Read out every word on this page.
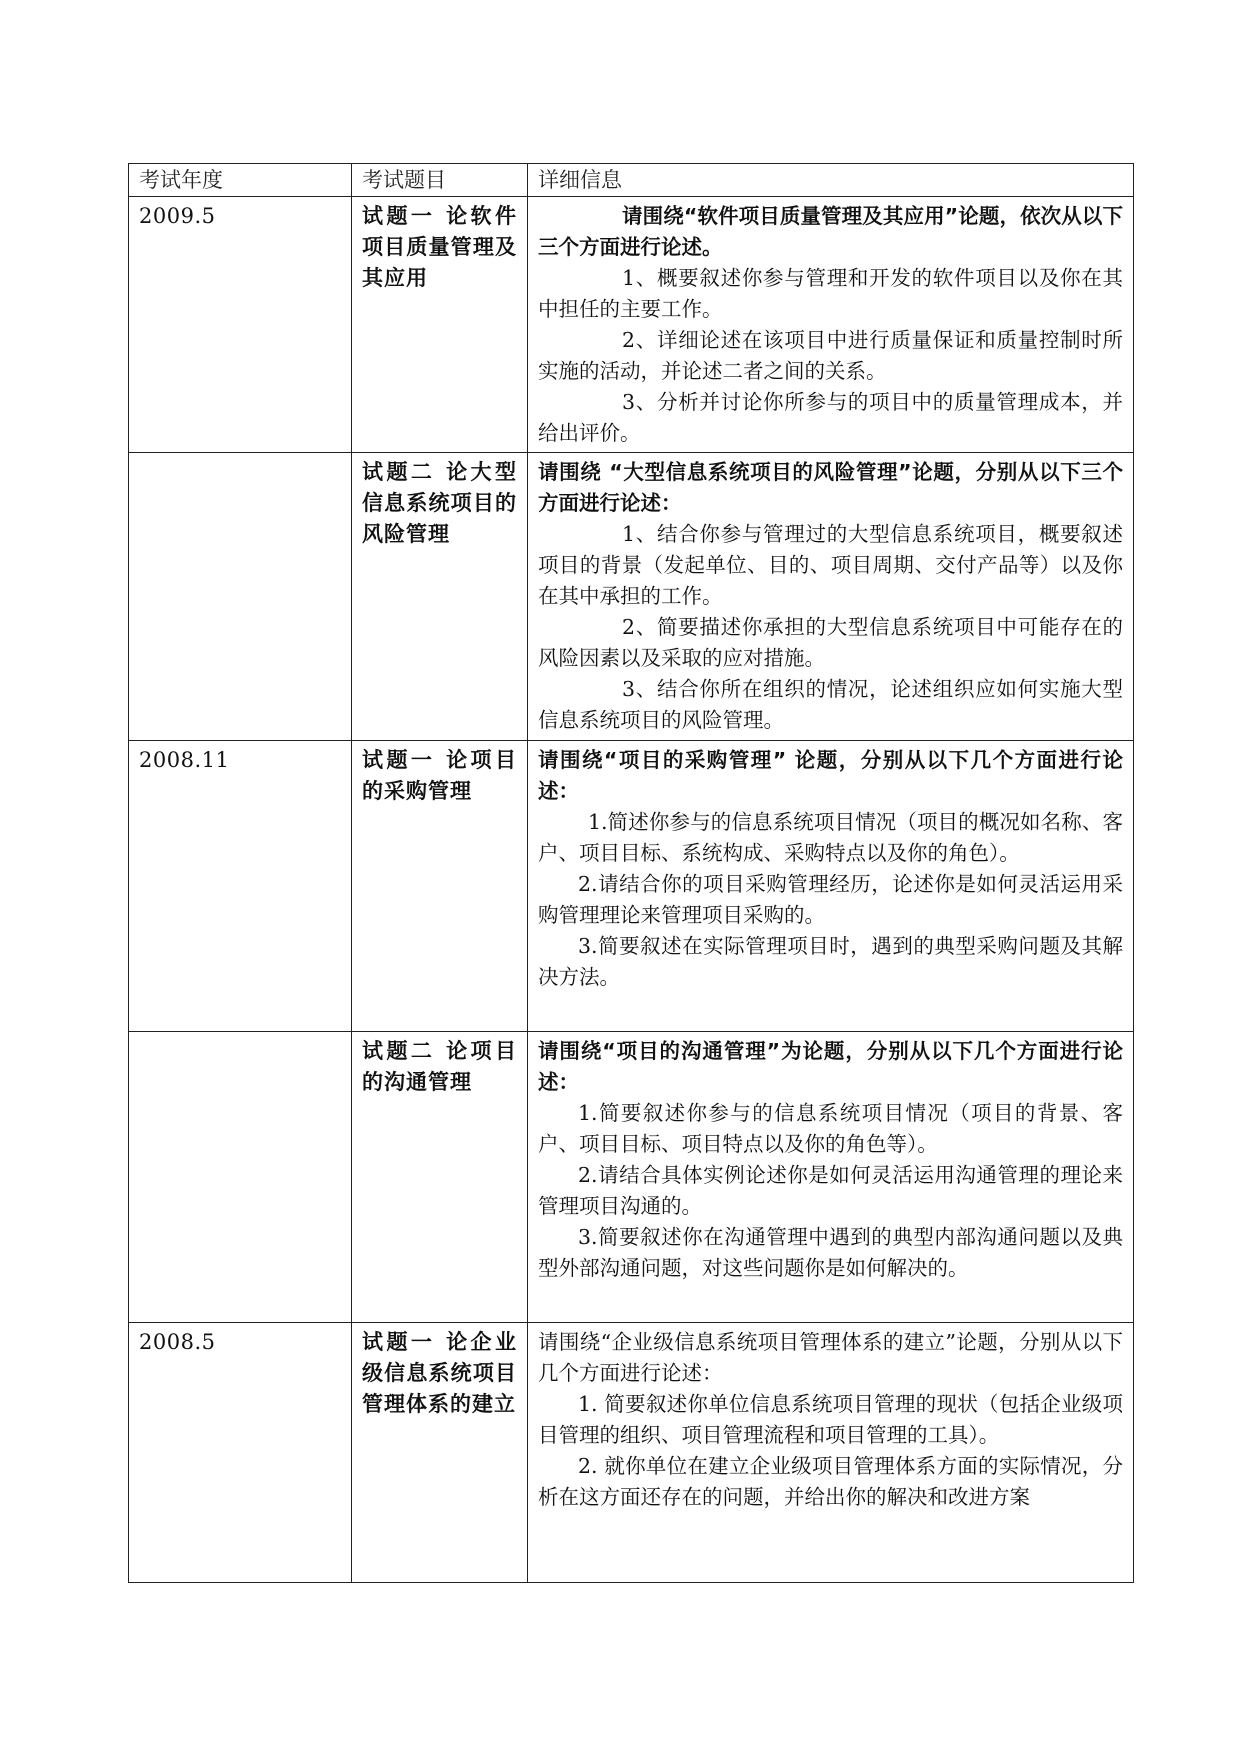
考试年度	考试题目	详细信息
2009.5	试题一 论软件项目质量管理及其应用	请围绕“软件项目质量管理及其应用”论题，依次从以下三个方面进行论述。

1、概要叙述你参与管理和开发的软件项目以及你在其中担任的主要工作。

2、详细论述在该项目中进行质量保证和质量控制时所实施的活动，并论述二者之间的关系。

3、分析并讨论你所参与的项目中的质量管理成本，并给出评价。

	试题二 论大型信息系统项目的风险管理	请围绕 “大型信息系统项目的风险管理”论题，分别从以下三个方面进行论述：

1、结合你参与管理过的大型信息系统项目，概要叙述项目的背景（发起单位、目的、项目周期、交付产品等）以及你在其中承担的工作。

2、简要描述你承担的大型信息系统项目中可能存在的风险因素以及采取的应对措施。

3、结合你所在组织的情况，论述组织应如何实施大型信息系统项目的风险管理。

2008.11	试题一 论项目的采购管理	请围绕“项目的采购管理” 论题，分别从以下几个方面进行论述：

1.简述你参与的信息系统项目情况（项目的概况如名称、客户、项目目标、系统构成、采购特点以及你的角色）。

2.请结合你的项目采购管理经历，论述你是如何灵活运用采购管理理论来管理项目采购的。

3.简要叙述在实际管理项目时，遇到的典型采购问题及其解决方法。

	试题二 论项目的沟通管理	请围绕“项目的沟通管理”为论题，分别从以下几个方面进行论述：

1.简要叙述你参与的信息系统项目情况（项目的背景、客户、项目目标、项目特点以及你的角色等）。

2.请结合具体实例论述你是如何灵活运用沟通管理的理论来管理项目沟通的。

3.简要叙述你在沟通管理中遇到的典型内部沟通问题以及典型外部沟通问题，对这些问题你是如何解决的。

2008.5	试题一 论企业级信息系统项目管理体系的建立	请围绕“企业级信息系统项目管理体系的建立”论题，分别从以下几个方面进行论述：

1. 简要叙述你单位信息系统项目管理的现状（包括企业级项目管理的组织、项目管理流程和项目管理的工具）。

2. 就你单位在建立企业级项目管理体系方面的实际情况，分析在这方面还存在的问题，并给出你的解决和改进方案
